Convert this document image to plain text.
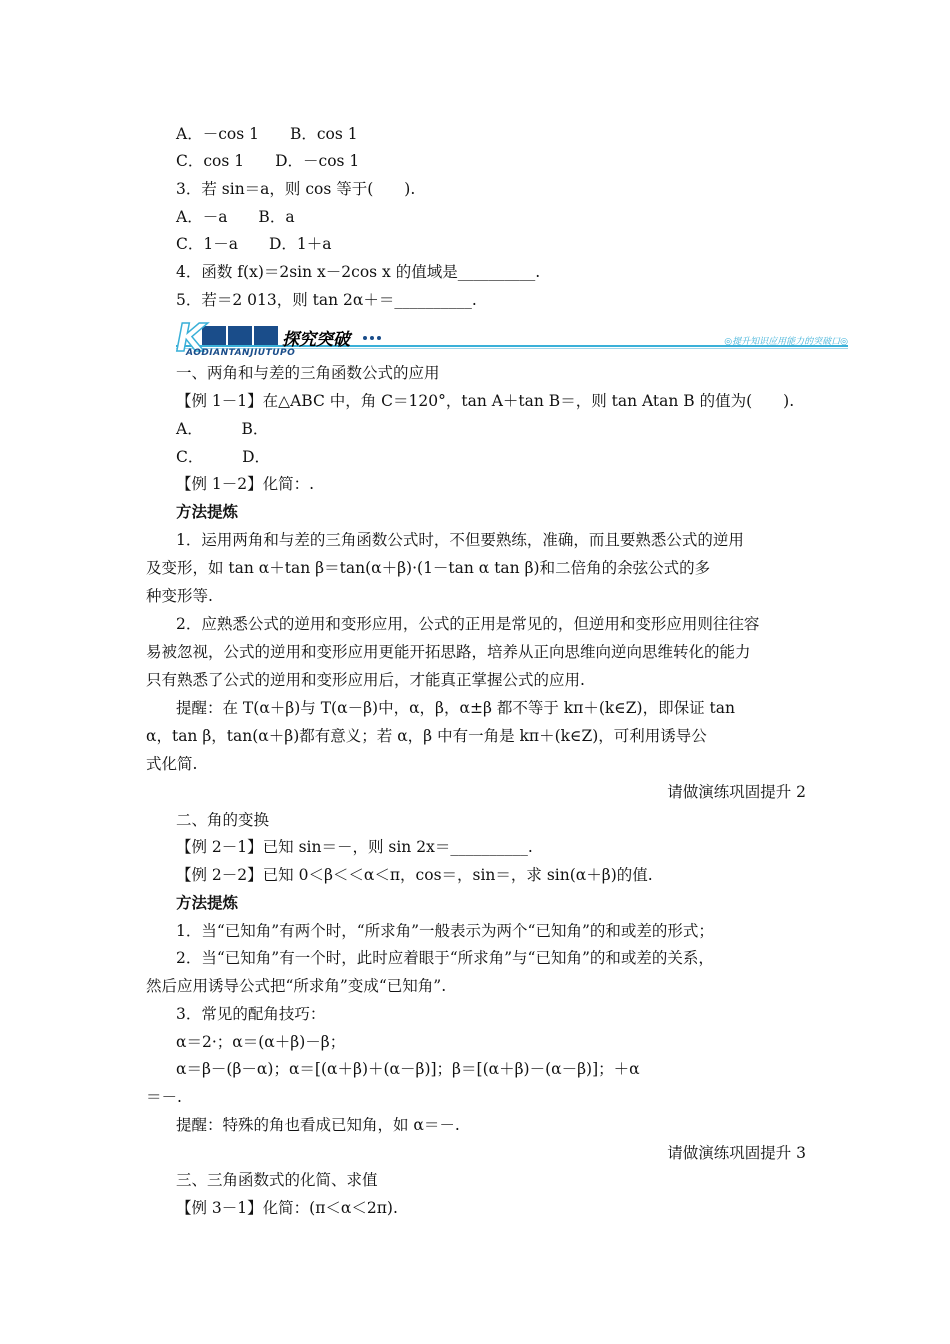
A．－cos 1　　B．cos 1
C．cos 1　　D．－cos 1
3．若 sin＝a，则 cos 等于(　　).
A．－a　　B．a
C．1－a　　D．1＋a
4．函数 f(x)＝2sin x－2cos x 的值域是__________.
5．若＝2 013，则 tan 2α＋＝__________.
K	探究突破
AODIANTANJIUTUPO
◎提升知识应用能力的突破口◎
一、两角和与差的三角函数公式的应用
【例 1－1】在△ABC 中，角 C＝120°，tan A＋tan B＝，则 tan Atan B 的值为(　　).
A．　　　B．
C．　　　D．
【例 1－2】化简：.
方法提炼
1．运用两角和与差的三角函数公式时，不但要熟练，准确，而且要熟悉公式的逆用
及变形，如 tan α＋tan β＝tan(α＋β)·(1－tan α tan β)和二倍角的余弦公式的多
种变形等.
2．应熟悉公式的逆用和变形应用，公式的正用是常见的，但逆用和变形应用则往往容
易被忽视，公式的逆用和变形应用更能开拓思路，培养从正向思维向逆向思维转化的能力
只有熟悉了公式的逆用和变形应用后，才能真正掌握公式的应用.
提醒：在 T(α＋β)与 T(α－β)中，α，β，α±β 都不等于 kπ＋(k∈Z)，即保证 tan
α，tan β，tan(α＋β)都有意义；若 α，β 中有一角是 kπ＋(k∈Z)，可利用诱导公
式化简.
请做演练巩固提升 2
二、角的变换
【例 2－1】已知 sin＝－，则 sin 2x＝__________.
【例 2－2】已知 0＜β＜＜α＜π，cos＝，sin＝，求 sin(α＋β)的值.
方法提炼
1．当“已知角”有两个时，“所求角”一般表示为两个“已知角”的和或差的形式；
2．当“已知角”有一个时，此时应着眼于“所求角”与“已知角”的和或差的关系，
然后应用诱导公式把“所求角”变成“已知角”.
3．常见的配角技巧：
α＝2·；α＝(α＋β)－β；
α＝β－(β－α)；α＝[(α＋β)＋(α－β)]；β＝[(α＋β)－(α－β)]；＋α
＝－.
提醒：特殊的角也看成已知角，如 α＝－.
请做演练巩固提升 3
三、三角函数式的化简、求值
【例 3－1】化简：(π＜α＜2π).
